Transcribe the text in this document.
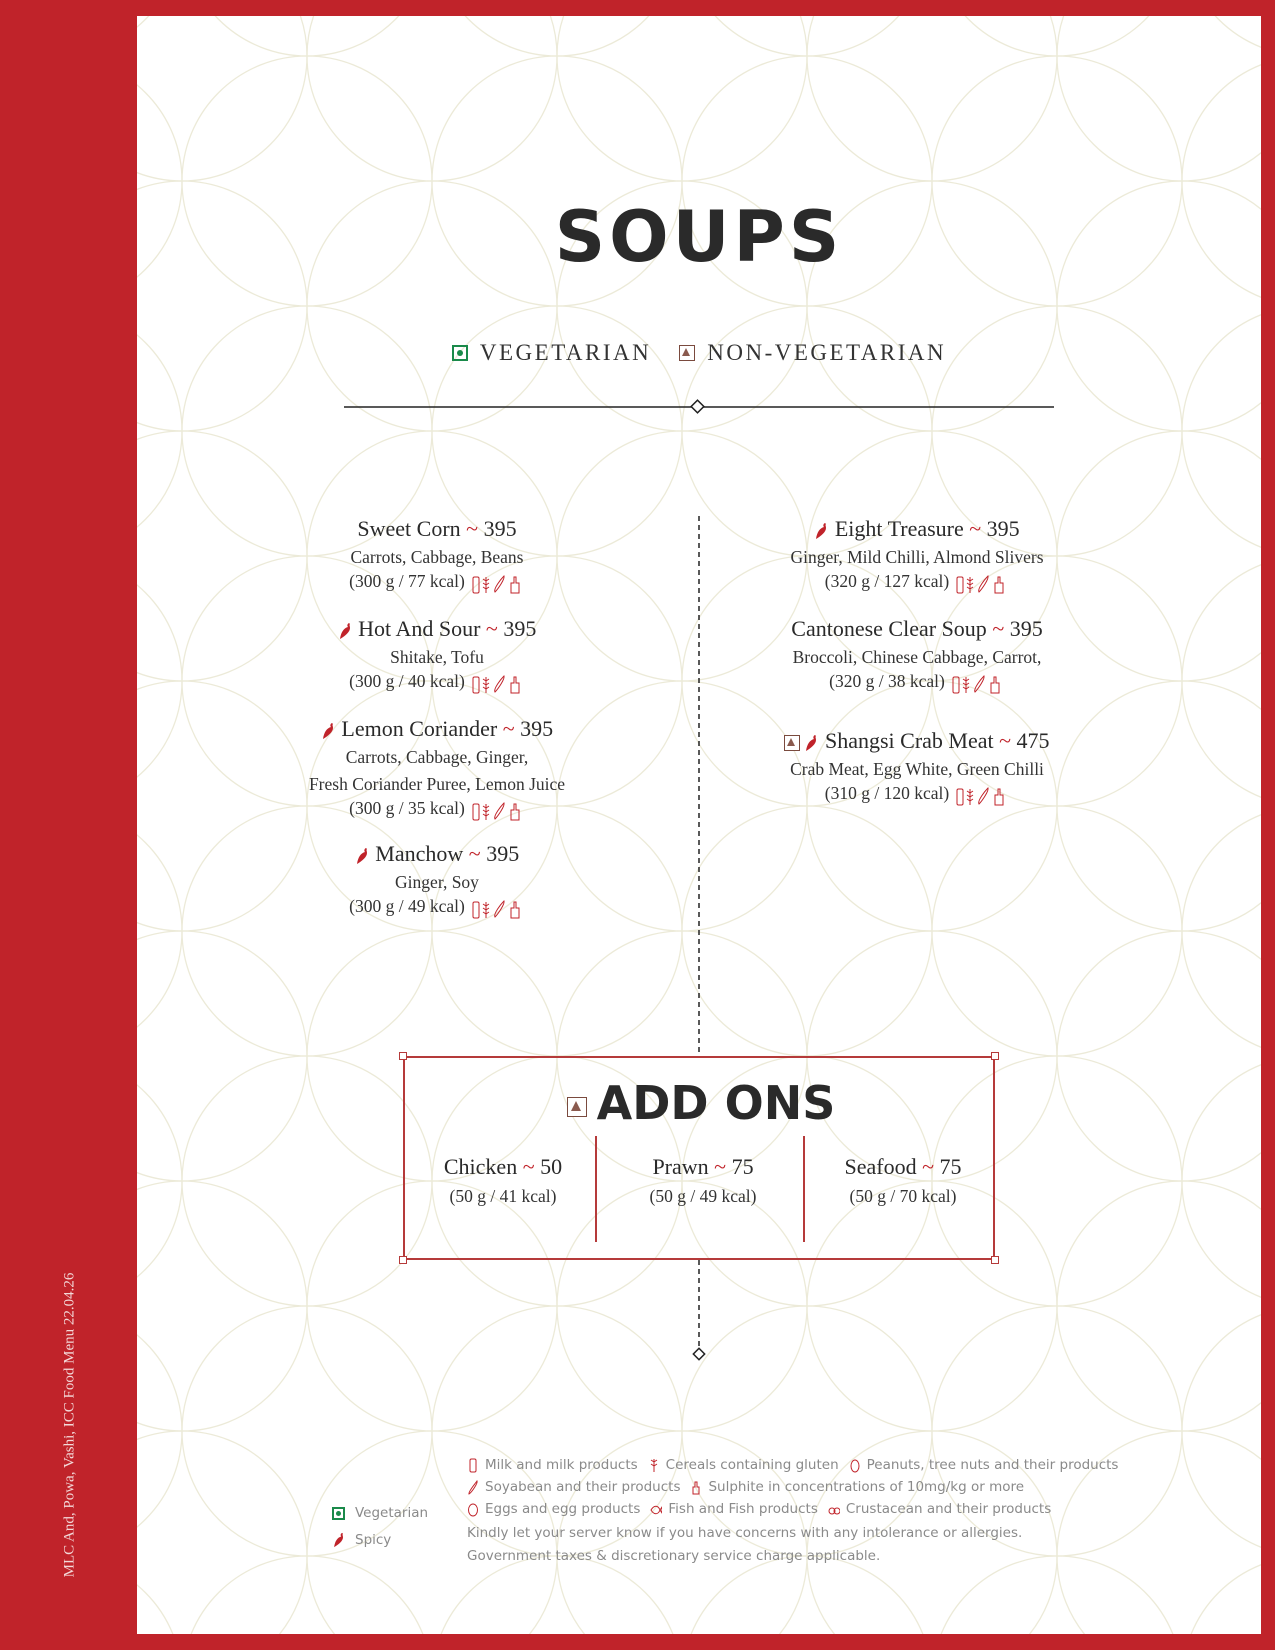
MLC And, Powa, Vashi, ICC Food Menu 22.04.26
SOUPS
VEGETARIAN NON-VEGETARIAN
ADD ONS
Chicken ~ 50
(50 g / 41 kcal)
Prawn ~ 75
(50 g / 49 kcal)
Seafood ~ 75
(50 g / 70 kcal)
Vegetarian
Spicy
Milk and milk products Cereals containing gluten Peanuts, tree nuts and their products
Soyabean and their products Sulphite in concentrations of 10mg/kg or more
Eggs and egg products Fish and Fish products Crustacean and their products
Kindly let your server know if you have concerns with any intolerance or allergies.
Government taxes & discretionary service charge applicable.
Sweet Corn ~ 395
Carrots, Cabbage, Beans
(300 g / 77 kcal)
Hot And Sour ~ 395
Shitake, Tofu
(300 g / 40 kcal)
Lemon Coriander ~ 395
Carrots, Cabbage, Ginger,
Fresh Coriander Puree, Lemon Juice
(300 g / 35 kcal)
Manchow ~ 395
Ginger, Soy
(300 g / 49 kcal)
Eight Treasure ~ 395
Ginger, Mild Chilli, Almond Slivers
(320 g / 127 kcal)
Cantonese Clear Soup ~ 395
Broccoli, Chinese Cabbage, Carrot,
(320 g / 38 kcal)
Shangsi Crab Meat ~ 475
Crab Meat, Egg White, Green Chilli
(310 g / 120 kcal)
